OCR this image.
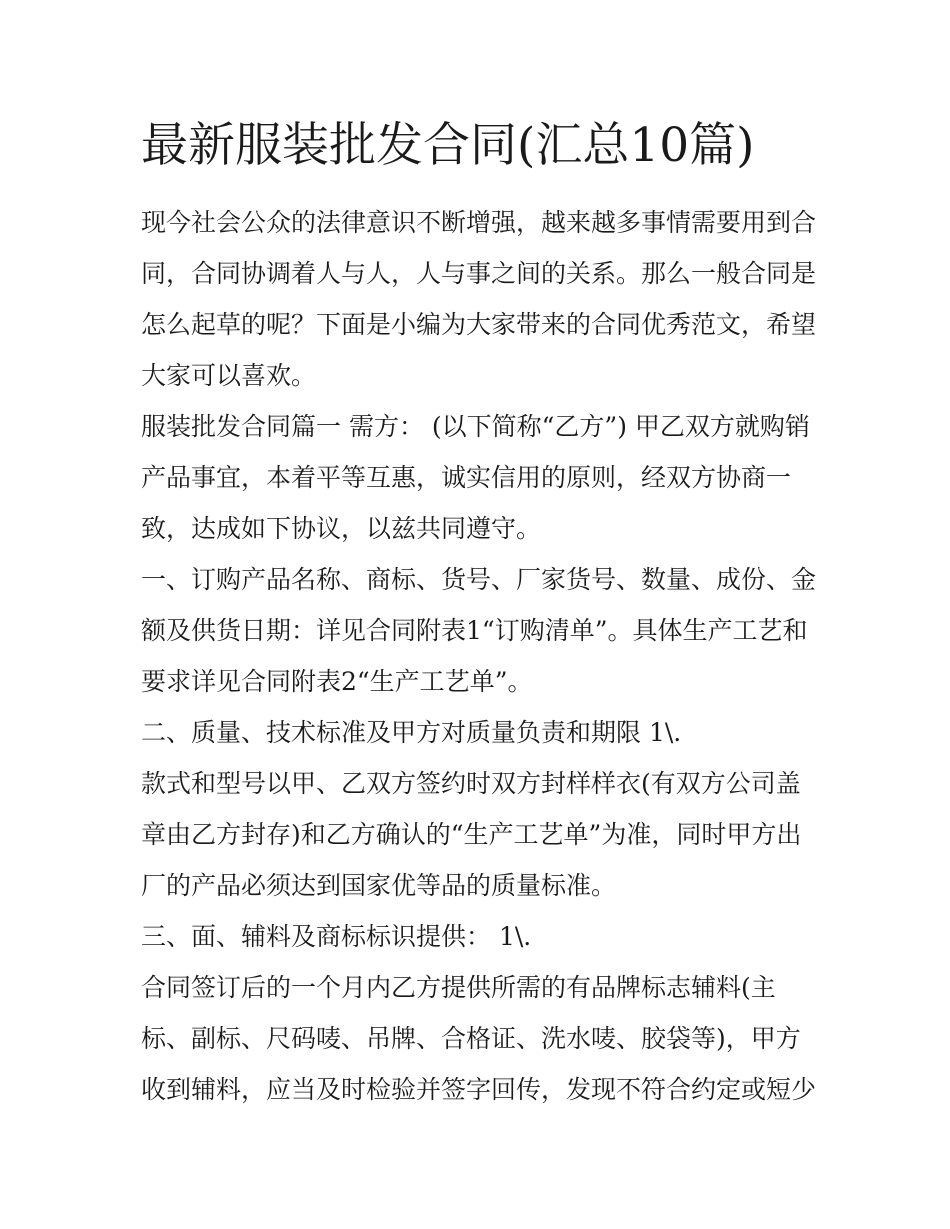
最新服装批发合同(汇总10篇)

现今社会公众的法律意识不断增强，越来越多事情需要用到合

同，合同协调着人与人，人与事之间的关系。那么一般合同是

怎么起草的呢？下面是小编为大家带来的合同优秀范文，希望

大家可以喜欢。

服装批发合同篇一 需方： (以下简称“乙方”) 甲乙双方就购销

产品事宜，本着平等互惠，诚实信用的原则，经双方协商一

致，达成如下协议，以兹共同遵守。

一、订购产品名称、商标、货号、厂家货号、数量、成份、金

额及供货日期：详见合同附表1“订购清单”。具体生产工艺和

要求详见合同附表2“生产工艺单”。

二、质量、技术标准及甲方对质量负责和期限 1\.

款式和型号以甲、乙双方签约时双方封样样衣(有双方公司盖

章由乙方封存)和乙方确认的“生产工艺单”为准，同时甲方出

厂的产品必须达到国家优等品的质量标准。

三、面、辅料及商标标识提供： 1\.

合同签订后的一个月内乙方提供所需的有品牌标志辅料(主

标、副标、尺码唛、吊牌、合格证、洗水唛、胶袋等)，甲方

收到辅料，应当及时检验并签字回传，发现不符合约定或短少
